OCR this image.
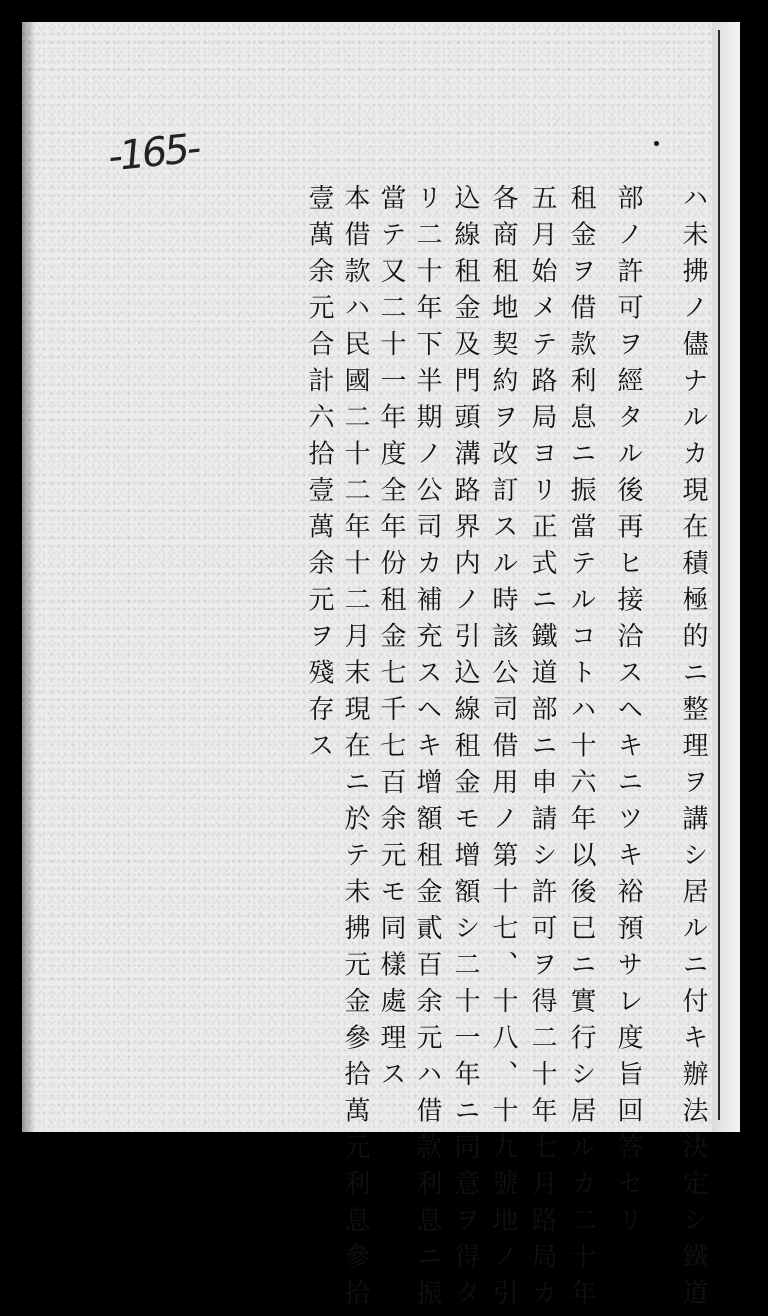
-165-
ハ未拂ノ儘ナルカ現在積極的ニ整理ヲ講シ居ルニ付キ辦法決定シ鐵道
部ノ許可ヲ經タル後再ヒ接洽スヘキニツキ裕預サレ度旨回答セリ
租金ヲ借款利息ニ振當テルコトハ十六年以後已ニ實行シ居ルカ二十年
五月始メテ路局ヨリ正式ニ鐵道部ニ申請シ許可ヲ得二十年七月路局カ
各商租地契約ヲ改訂スル時該公司借用ノ第十七、十八、十九號地ノ引
込線租金及門頭溝路界内ノ引込線租金モ增額シ二十一年ニ同意ヲ得タ
リ二十年下半期ノ公司カ補充スヘキ增額租金貳百余元ハ借款利息ニ振
當テ又二十一年度全年份租金七千七百余元モ同樣處理ス
本借款ハ民國二十二年十二月末現在ニ於テ未拂元金參拾萬元利息參拾
壹萬余元合計六拾壹萬余元ヲ殘存ス
